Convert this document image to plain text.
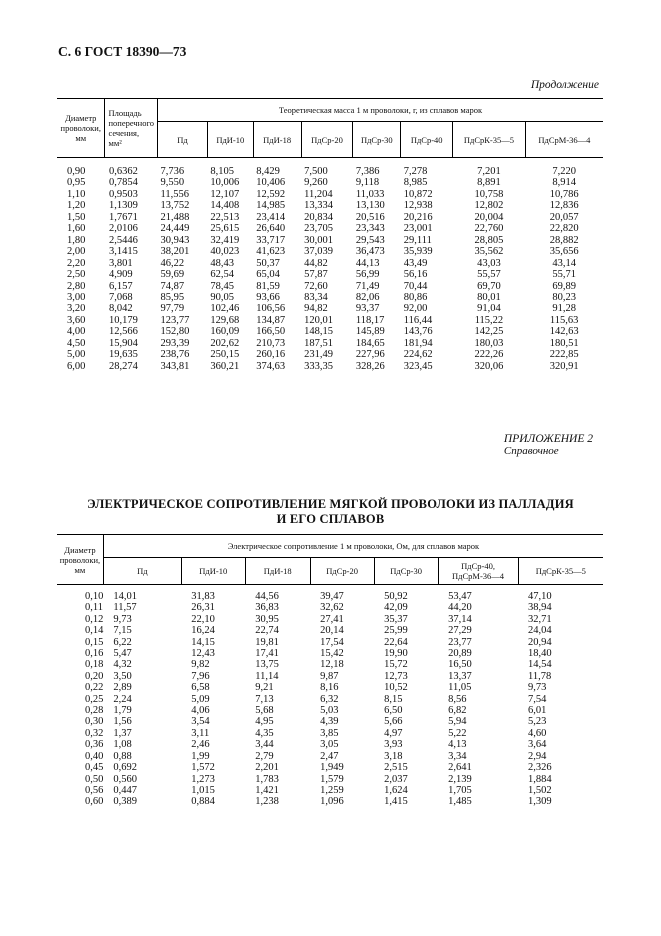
С. 6 ГОСТ 18390—73
Продолжение
Диаметр проволоки, мм	Площадь поперечного сечения, мм²	Теоретическая масса 1 м проволоки, г, из сплавов марок							
		Пд	ПдИ-10	ПдИ-18	ПдСр-20	ПдСр-30	ПдСр-40	ПдСрК-35—5	ПдСрМ-36—4
0,90	0,6362	7,736	8,105	8,429	7,500	7,386	7,278	7,201	7,220
0,95	0,7854	9,550	10,006	10,406	9,260	9,118	8,985	8,891	8,914
1,10	0,9503	11,556	12,107	12,592	11,204	11,033	10,872	10,758	10,786
1,20	1,1309	13,752	14,408	14,985	13,334	13,130	12,938	12,802	12,836
1,50	1,7671	21,488	22,513	23,414	20,834	20,516	20,216	20,004	20,057
1,60	2,0106	24,449	25,615	26,640	23,705	23,343	23,001	22,760	22,820
1,80	2,5446	30,943	32,419	33,717	30,001	29,543	29,111	28,805	28,882
2,00	3,1415	38,201	40,023	41,623	37,039	36,473	35,939	35,562	35,656
2,20	3,801	46,22	48,43	50,37	44,82	44,13	43,49	43,03	43,14
2,50	4,909	59,69	62,54	65,04	57,87	56,99	56,16	55,57	55,71
2,80	6,157	74,87	78,45	81,59	72,60	71,49	70,44	69,70	69,89
3,00	7,068	85,95	90,05	93,66	83,34	82,06	80,86	80,01	80,23
3,20	8,042	97,79	102,46	106,56	94,82	93,37	92,00	91,04	91,28
3,60	10,179	123,77	129,68	134,87	120,01	118,17	116,44	115,22	115,63
4,00	12,566	152,80	160,09	166,50	148,15	145,89	143,76	142,25	142,63
4,50	15,904	293,39	202,62	210,73	187,51	184,65	181,94	180,03	180,51
5,00	19,635	238,76	250,15	260,16	231,49	227,96	224,62	222,26	222,85
6,00	28,274	343,81	360,21	374,63	333,35	328,26	323,45	320,06	320,91
ПРИЛОЖЕНИЕ 2
Справочное
ЭЛЕКТРИЧЕСКОЕ СОПРОТИВЛЕНИЕ МЯГКОЙ ПРОВОЛОКИ ИЗ ПАЛЛАДИЯ
И ЕГО СПЛАВОВ
Диаметр проволоки, мм	Электрическое сопротивление 1 м проволоки, Ом, для сплавов марок						
	Пд	ПдИ-10	ПдИ-18	ПдСр-20	ПдСр-30	ПдСр-40, ПдСрМ-36—4	ПдСрК-35—5
0,10	14,01	31,83	44,56	39,47	50,92	53,47	47,10
0,11	11,57	26,31	36,83	32,62	42,09	44,20	38,94
0,12	9,73	22,10	30,95	27,41	35,37	37,14	32,71
0,14	7,15	16,24	22,74	20,14	25,99	27,29	24,04
0,15	6,22	14,15	19,81	17,54	22,64	23,77	20,94
0,16	5,47	12,43	17,41	15,42	19,90	20,89	18,40
0,18	4,32	9,82	13,75	12,18	15,72	16,50	14,54
0,20	3,50	7,96	11,14	9,87	12,73	13,37	11,78
0,22	2,89	6,58	9,21	8,16	10,52	11,05	9,73
0,25	2,24	5,09	7,13	6,32	8,15	8,56	7,54
0,28	1,79	4,06	5,68	5,03	6,50	6,82	6,01
0,30	1,56	3,54	4,95	4,39	5,66	5,94	5,23
0,32	1,37	3,11	4,35	3,85	4,97	5,22	4,60
0,36	1,08	2,46	3,44	3,05	3,93	4,13	3,64
0,40	0,88	1,99	2,79	2,47	3,18	3,34	2,94
0,45	0,692	1,572	2,201	1,949	2,515	2,641	2,326
0,50	0,560	1,273	1,783	1,579	2,037	2,139	1,884
0,56	0,447	1,015	1,421	1,259	1,624	1,705	1,502
0,60	0,389	0,884	1,238	1,096	1,415	1,485	1,309
